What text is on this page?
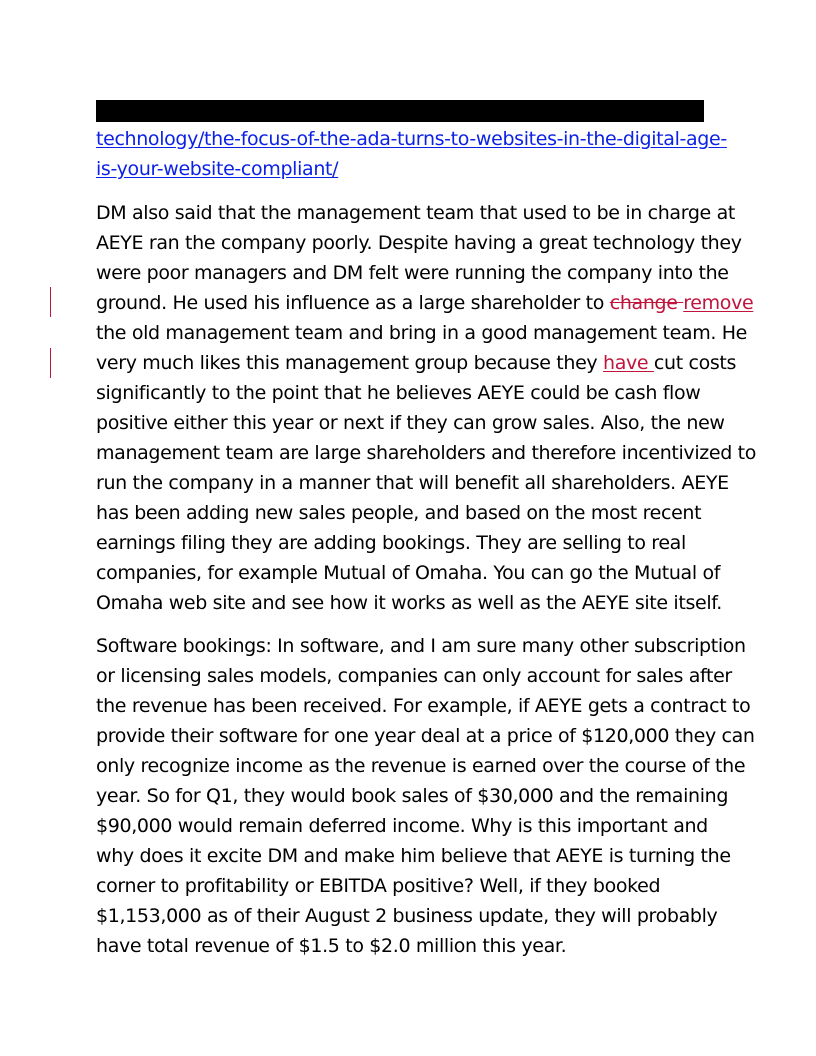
technology/the-focus-of-the-ada-turns-to-websites-in-the-digital-age-
is-your-website-compliant/
DM also said that the management team that used to be in charge at
AEYE ran the company poorly. Despite having a great technology they
were poor managers and DM felt were running the company into the
ground. He used his influence as a large shareholder to change remove
the old management team and bring in a good management team. He
very much likes this management group because they have cut costs
significantly to the point that he believes AEYE could be cash flow
positive either this year or next if they can grow sales. Also, the new
management team are large shareholders and therefore incentivized to
run the company in a manner that will benefit all shareholders. AEYE
has been adding new sales people, and based on the most recent
earnings filing they are adding bookings. They are selling to real
companies, for example Mutual of Omaha. You can go the Mutual of
Omaha web site and see how it works as well as the AEYE site itself.
Software bookings: In software, and I am sure many other subscription
or licensing sales models, companies can only account for sales after
the revenue has been received. For example, if AEYE gets a contract to
provide their software for one year deal at a price of $120,000 they can
only recognize income as the revenue is earned over the course of the
year. So for Q1, they would book sales of $30,000 and the remaining
$90,000 would remain deferred income. Why is this important and
why does it excite DM and make him believe that AEYE is turning the
corner to profitability or EBITDA positive? Well, if they booked
$1,153,000 as of their August 2 business update, they will probably
have total revenue of $1.5 to $2.0 million this year.
